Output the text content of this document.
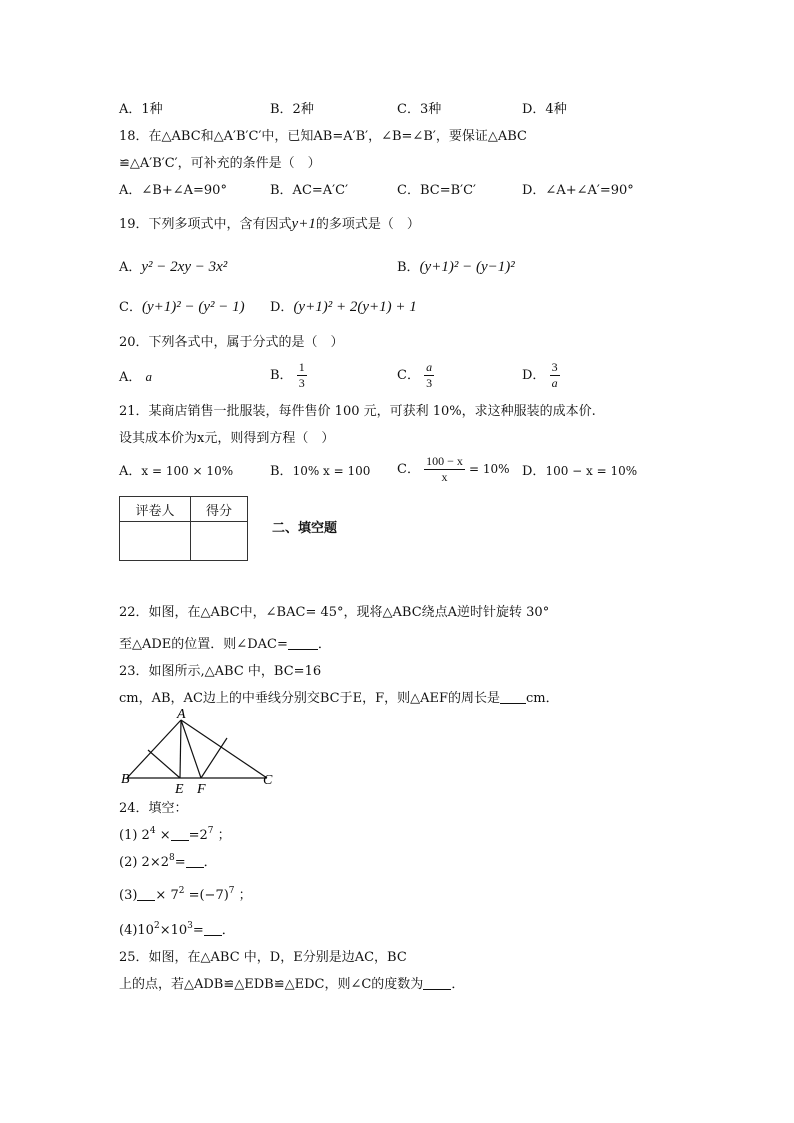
A．1种	B．2种	C．3种	D．4种
18．在△ABC和△A′B′C′中，已知AB=A′B′，∠B=∠B′，要保证△ABC
≌△A′B′C′，可补充的条件是（　）
A．∠B+∠A=90°	B．AC=A′C′	C．BC=B′C′	D．∠A+∠A′=90°
19．下列多项式中，含有因式y+1的多项式是（　）
A．y² − 2xy − 3x²	B．(y+1)² − (y−1)²
C．(y+1)² − (y² − 1) D．(y+1)² + 2(y+1) + 1
20．下列各式中，属于分式的是（　）
A． a	B． $\frac{1}{3}$	C． $\frac{a}{3}$	D． $\frac{3}{a}$
21．某商店销售一批服装，每件售价 100 元，可获利 10%，求这种服装的成本价.
设其成本价为x元，则得到方程（　）
A．x = 100 × 10%	B．10% x = 100 C． $\frac{100 - x}{x} = 10\%$ D．100 − x = 10%
评卷人	得分

二、填空题
22．如图，在△ABC中，∠BAC= 45°，现将△ABC绕点A逆时针旋转 30°
至△ADE的位置．则∠DAC= ．
23．如图所示,△ABC 中，BC=16
cm，AB，AC边上的中垂线分别交BC于E，F，则△AEF的周长是 cm．
A
B	C
E F
24．填空：
(1) $2^4 \times =2^7$ ；
(2) $2\times 2^8=$ ．
$(3) \times 7^2 =(-7)^7$ ；
$(4)10^2\times 10^3=$ ．
25．如图，在△ABC 中，D，E分别是边AC，BC
上的点，若△ADB≌△EDB≌△EDC，则∠C的度数为 ．
